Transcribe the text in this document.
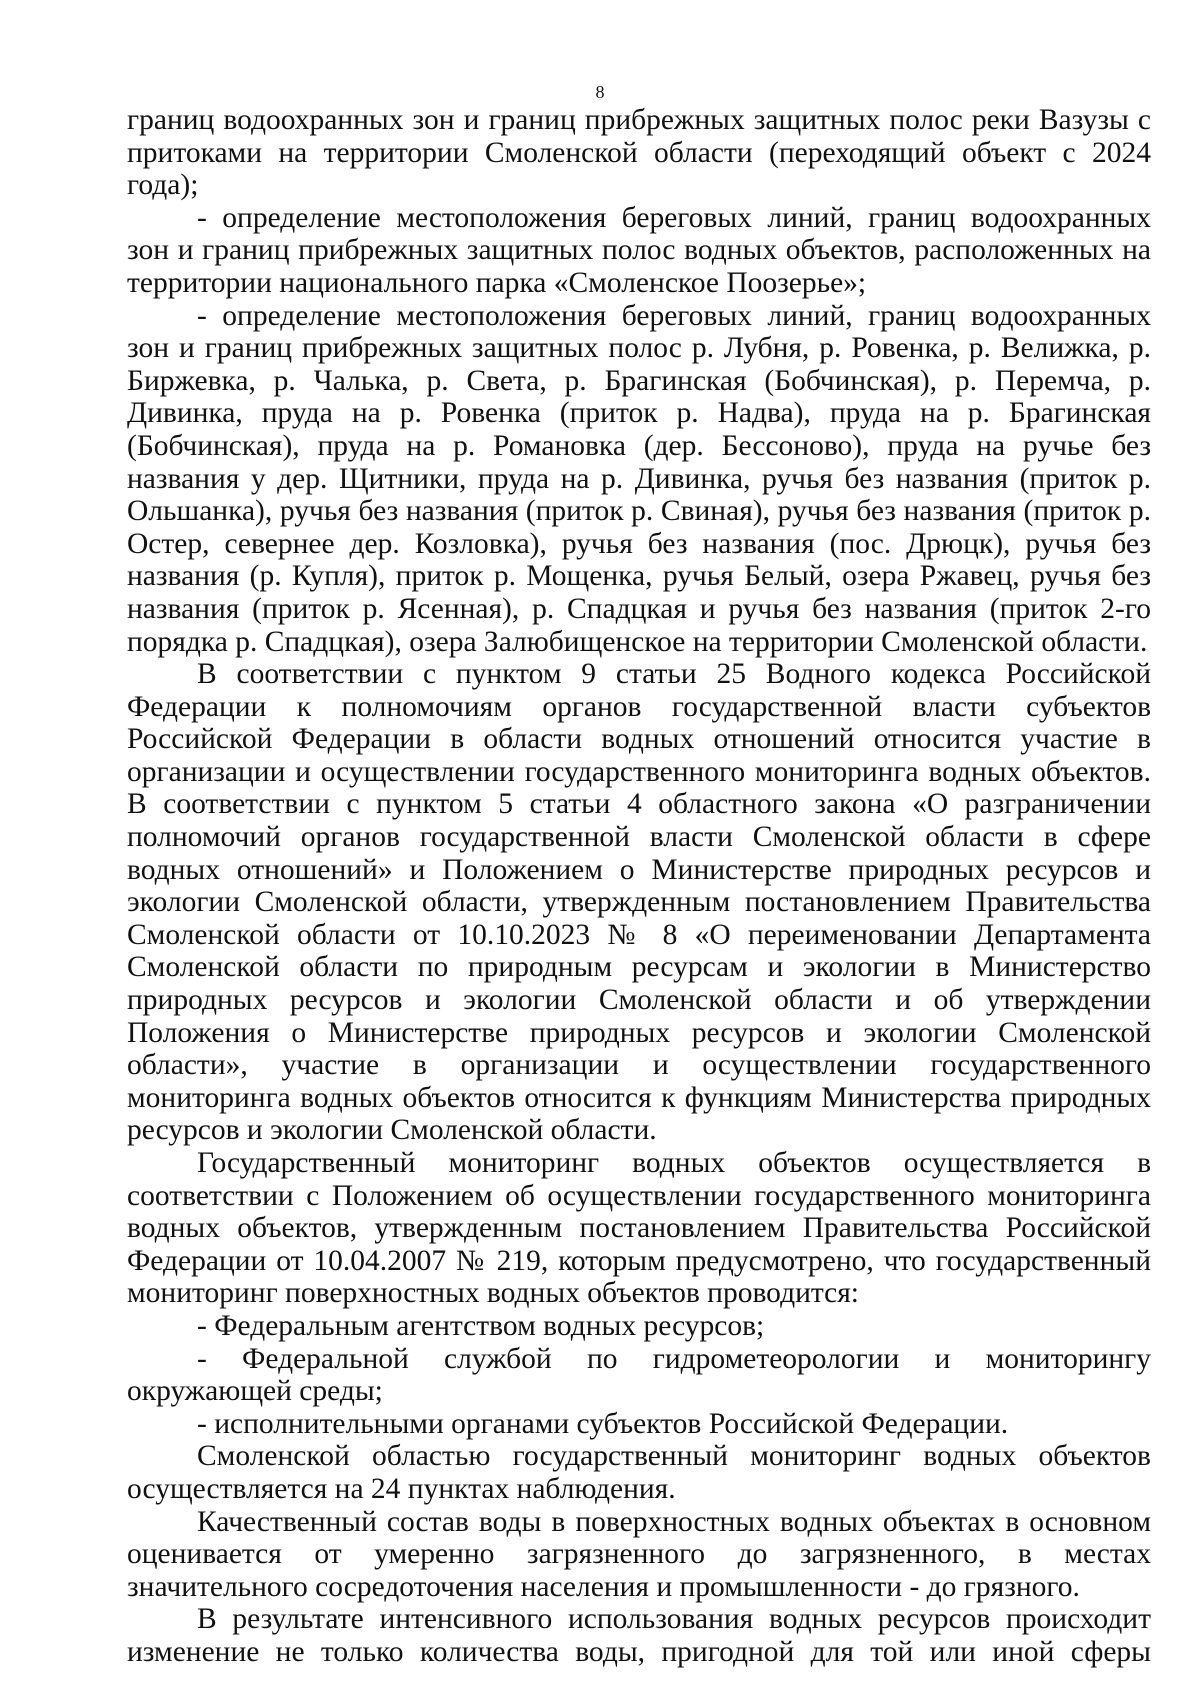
8

границ водоохранных зон и границ прибрежных защитных полос реки Вазузы с притоками на территории Смоленской области (переходящий объект с 2024 года);

- определение местоположения береговых линий, границ водоохранных зон и границ прибрежных защитных полос водных объектов, расположенных на территории национального парка «Смоленское Поозерье»;

- определение местоположения береговых линий, границ водоохранных зон и границ прибрежных защитных полос р. Лубня, р. Ровенка, р. Велижка, р. Биржевка, р. Чалька, р. Света, р. Брагинская (Бобчинская), р. Перемча, р. Дивинка, пруда на р. Ровенка (приток р. Надва), пруда на р. Брагинская (Бобчинская), пруда на р. Романовка (дер. Бессоново), пруда на ручье без названия у дер. Щитники, пруда на р. Дивинка, ручья без названия (приток р. Ольшанка), ручья без названия (приток р. Свиная), ручья без названия (приток р. Остер, севернее дер. Козловка), ручья без названия (пос. Дрюцк), ручья без названия (р. Купля), приток р. Мощенка, ручья Белый, озера Ржавец, ручья без названия (приток р. Ясенная), р. Спадцкая и ручья без названия (приток 2-го порядка р. Спадцкая), озера Залюбищенское на территории Смоленской области.

В соответствии с пунктом 9 статьи 25 Водного кодекса Российской Федерации к полномочиям органов государственной власти субъектов Российской Федерации в области водных отношений относится участие в организации и осуществлении государственного мониторинга водных объектов. В соответствии с пунктом 5 статьи 4 областного закона «О разграничении полномочий органов государственной власти Смоленской области в сфере водных отношений» и Положением о Министерстве природных ресурсов и экологии Смоленской области, утвержденным постановлением Правительства Смоленской области от 10.10.2023 № 8 «О переименовании Департамента Смоленской области по природным ресурсам и экологии в Министерство природных ресурсов и экологии Смоленской области и об утверждении Положения о Министерстве природных ресурсов и экологии Смоленской области», участие в организации и осуществлении государственного мониторинга водных объектов относится к функциям Министерства природных ресурсов и экологии Смоленской области.

Государственный мониторинг водных объектов осуществляется в соответствии с Положением об осуществлении государственного мониторинга водных объектов, утвержденным постановлением Правительства Российской Федерации от 10.04.2007 № 219, которым предусмотрено, что государственный мониторинг поверхностных водных объектов проводится:

- Федеральным агентством водных ресурсов;

- Федеральной службой по гидрометеорологии и мониторингу окружающей среды;

- исполнительными органами субъектов Российской Федерации.

Смоленской областью государственный мониторинг водных объектов осуществляется на 24 пунктах наблюдения.

Качественный состав воды в поверхностных водных объектах в основном оценивается от умеренно загрязненного до загрязненного, в местах значительного сосредоточения населения и промышленности - до грязного.

В результате интенсивного использования водных ресурсов происходит изменение не только количества воды, пригодной для той или иной сферы
